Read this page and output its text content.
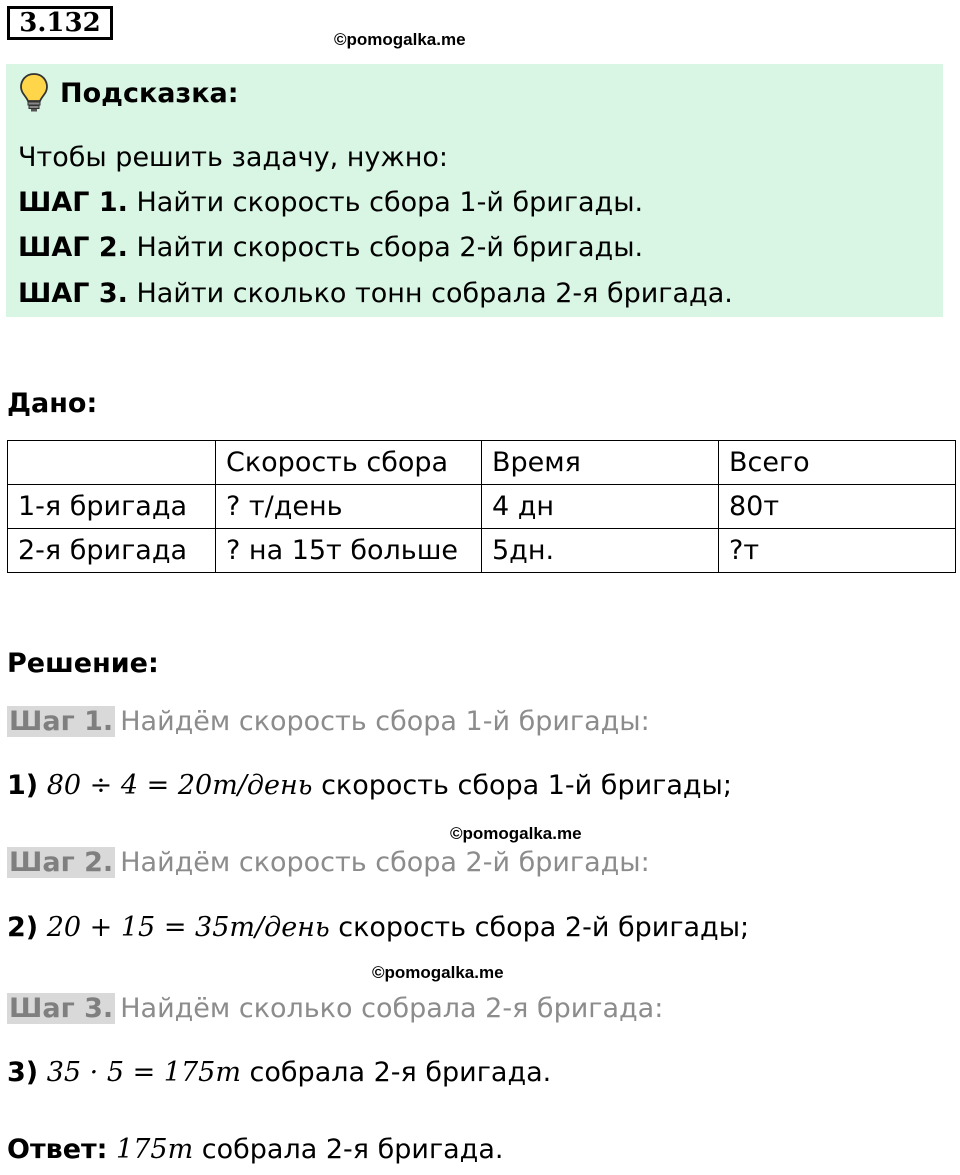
3.132
©pomogalka.me
Подсказка:
Чтобы решить задачу, нужно:
ШАГ 1. Найти скорость сбора 1-й бригады.
ШАГ 2. Найти скорость сбора 2-й бригады.
ШАГ 3. Найти сколько тонн собрала 2-я бригада.
Дано:
	Скорость сбора	Время	Всего
1-я бригада	? т/день	4 дн	80т
2-я бригада	? на 15т больше	5дн.	?т
Решение:
Шаг 1. Найдём скорость сбора 1-й бригады:
1) 80 ÷ 4 = 20т/день скорость сбора 1-й бригады;
©pomogalka.me
Шаг 2. Найдём скорость сбора 2-й бригады:
2) 20 + 15 = 35т/день скорость сбора 2-й бригады;
©pomogalka.me
Шаг 3. Найдём сколько собрала 2-я бригада:
3) 35 · 5 = 175т собрала 2-я бригада.
Ответ: 175т собрала 2-я бригада.
